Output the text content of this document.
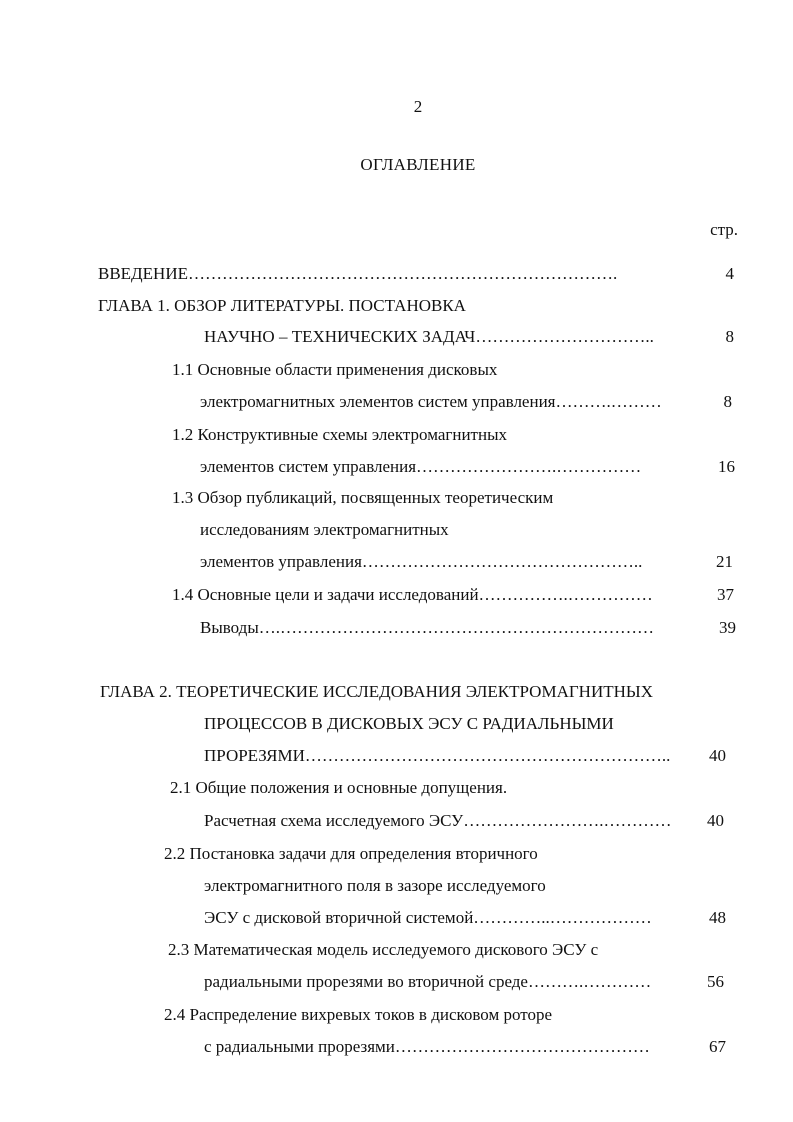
2
ОГЛАВЛЕНИЕ
стр.
ВВЕДЕНИЕ………………………………………………………………….	4
ГЛАВА 1. ОБЗОР ЛИТЕРАТУРЫ. ПОСТАНОВКА
НАУЧНО – ТЕХНИЧЕСКИХ ЗАДАЧ…………………………..	8
1.1 Основные области применения дисковых
электромагнитных элементов систем управления……….………	8
1.2 Конструктивные схемы электромагнитных
элементов систем управления…………………….……………	16
1.3 Обзор публикаций, посвященных теоретическим
исследованиям электромагнитных
элементов управления…………………………………………..	21
1.4 Основные цели и задачи исследований…………….……………	37
Выводы….…………………………………………………………	39
ГЛАВА 2. ТЕОРЕТИЧЕСКИЕ ИССЛЕДОВАНИЯ ЭЛЕКТРОМАГНИТНЫХ
ПРОЦЕССОВ В ДИСКОВЫХ ЭСУ С РАДИАЛЬНЫМИ
ПРОРЕЗЯМИ……………………………………………………….. 40
2.1 Общие положения и основные допущения.
Расчетная схема исследуемого ЭСУ…………………….………… 40
2.2 Постановка задачи для определения вторичного
электромагнитного поля в зазоре исследуемого
ЭСУ с дисковой вторичной системой…………..………………	48
2.3 Математическая модель исследуемого дискового ЭСУ с
радиальными прорезями во вторичной среде……….…………	56
2.4 Распределение вихревых токов в дисковом роторе
с радиальными прорезями………………………………………	67
